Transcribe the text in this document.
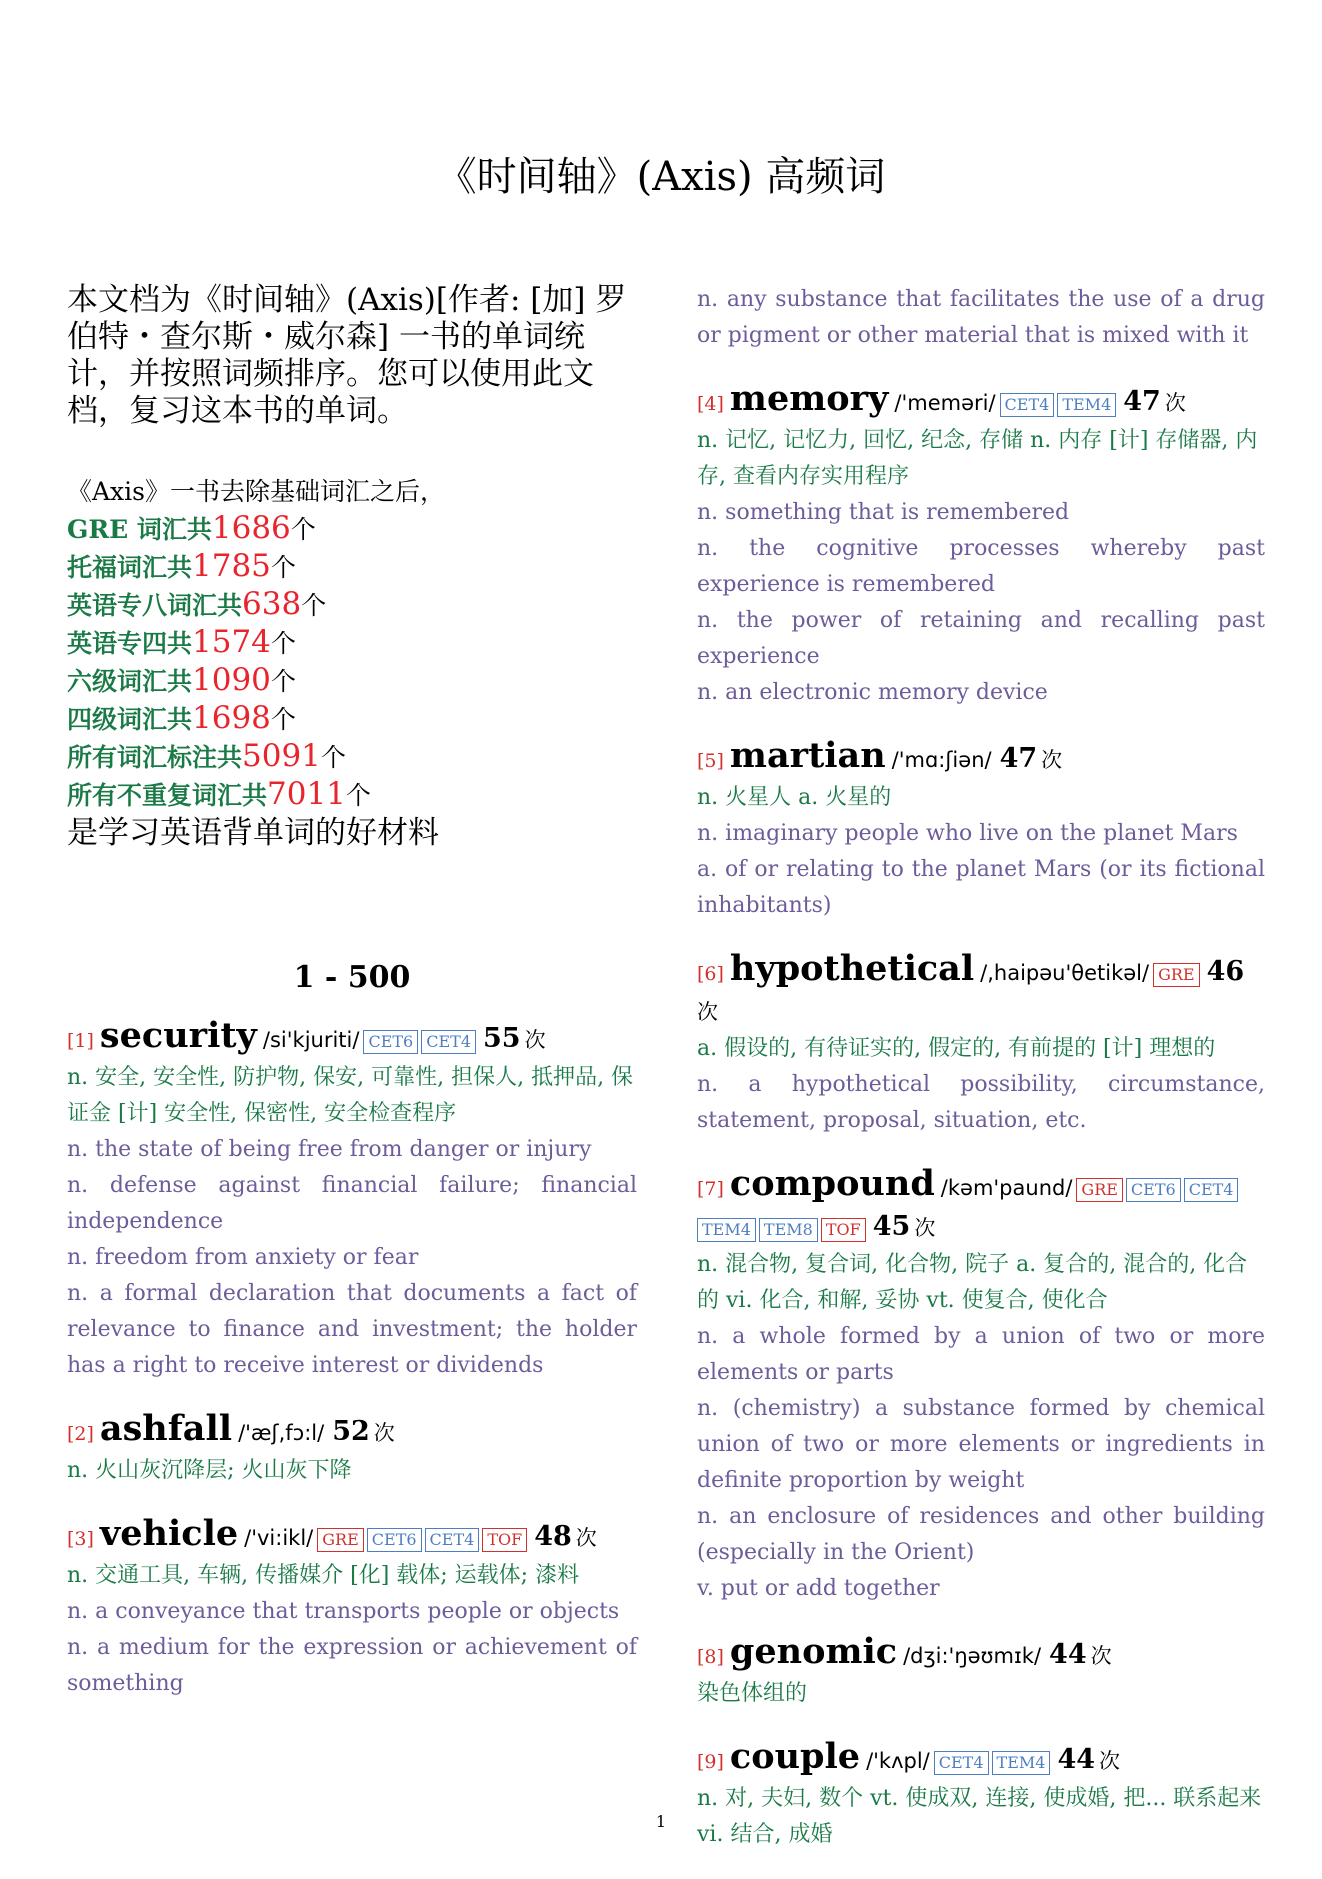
《时间轴》(Axis) 高频词

本文档为《时间轴》(Axis)[作者: [加] 罗伯特・查尔斯・威尔森] 一书的单词统计，并按照词频排序。您可以使用此文档，复习这本书的单词。

《Axis》一书去除基础词汇之后，
GRE 词汇共1686个
托福词汇共1785个
英语专八词汇共638个
英语专四共1574个
六级词汇共1090个
四级词汇共1698个
所有词汇标注共5091个
所有不重复词汇共7011个
是学习英语背单词的好材料
1 - 500
[1] security /si'kjuriti/ CET6 CET4 55 次

n. 安全, 安全性, 防护物, 保安, 可靠性, 担保人, 抵押品, 保证金 [计] 安全性, 保密性, 安全检查程序

n. the state of being free from danger or injury

n. defense against financial failure; financial independence

n. freedom from anxiety or fear

n. a formal declaration that documents a fact of relevance to finance and investment; the holder has a right to receive interest or dividends

[2] ashfall /'æʃ,fɔ:l/ 52 次

n. 火山灰沉降层; 火山灰下降

[3] vehicle /'vi:ikl/ GRE CET6 CET4 TOF 48 次

n. 交通工具, 车辆, 传播媒介 [化] 载体; 运载体; 漆料

n. a conveyance that transports people or objects

n. a medium for the expression or achievement of something

n. any substance that facilitates the use of a drug or pigment or other material that is mixed with it

[4] memory /'meməri/ CET4 TEM4 47 次

n. 记忆, 记忆力, 回忆, 纪念, 存储 n. 内存 [计] 存储器, 内存, 查看内存实用程序

n. something that is remembered

n. the cognitive processes whereby past experience is remembered

n. the power of retaining and recalling past experience

n. an electronic memory device

[5] martian /'mɑ:ʃiən/ 47 次

n. 火星人 a. 火星的

n. imaginary people who live on the planet Mars

a. of or relating to the planet Mars (or its fictional inhabitants)

[6] hypothetical /,haipəu'θetikəl/ GRE 46
次

a. 假设的, 有待证实的, 假定的, 有前提的 [计] 理想的

n. a hypothetical possibility, circumstance, statement, proposal, situation, etc.

[7] compound /kəm'paund/ GRE CET6 CET4
TEM4 TEM8 TOF 45 次

n. 混合物, 复合词, 化合物, 院子 a. 复合的, 混合的, 化合的 vi. 化合, 和解, 妥协 vt. 使复合, 使化合

n. a whole formed by a union of two or more elements or parts

n. (chemistry) a substance formed by chemical union of two or more elements or ingredients in definite proportion by weight

n. an enclosure of residences and other building (especially in the Orient)

v. put or add together

[8] genomic /dʒi:'ŋəʊmɪk/ 44 次

染色体组的

[9] couple /'kʌpl/ CET4 TEM4 44 次

n. 对, 夫妇, 数个 vt. 使成双, 连接, 使成婚, 把... 联系起来 vi. 结合, 成婚

1
